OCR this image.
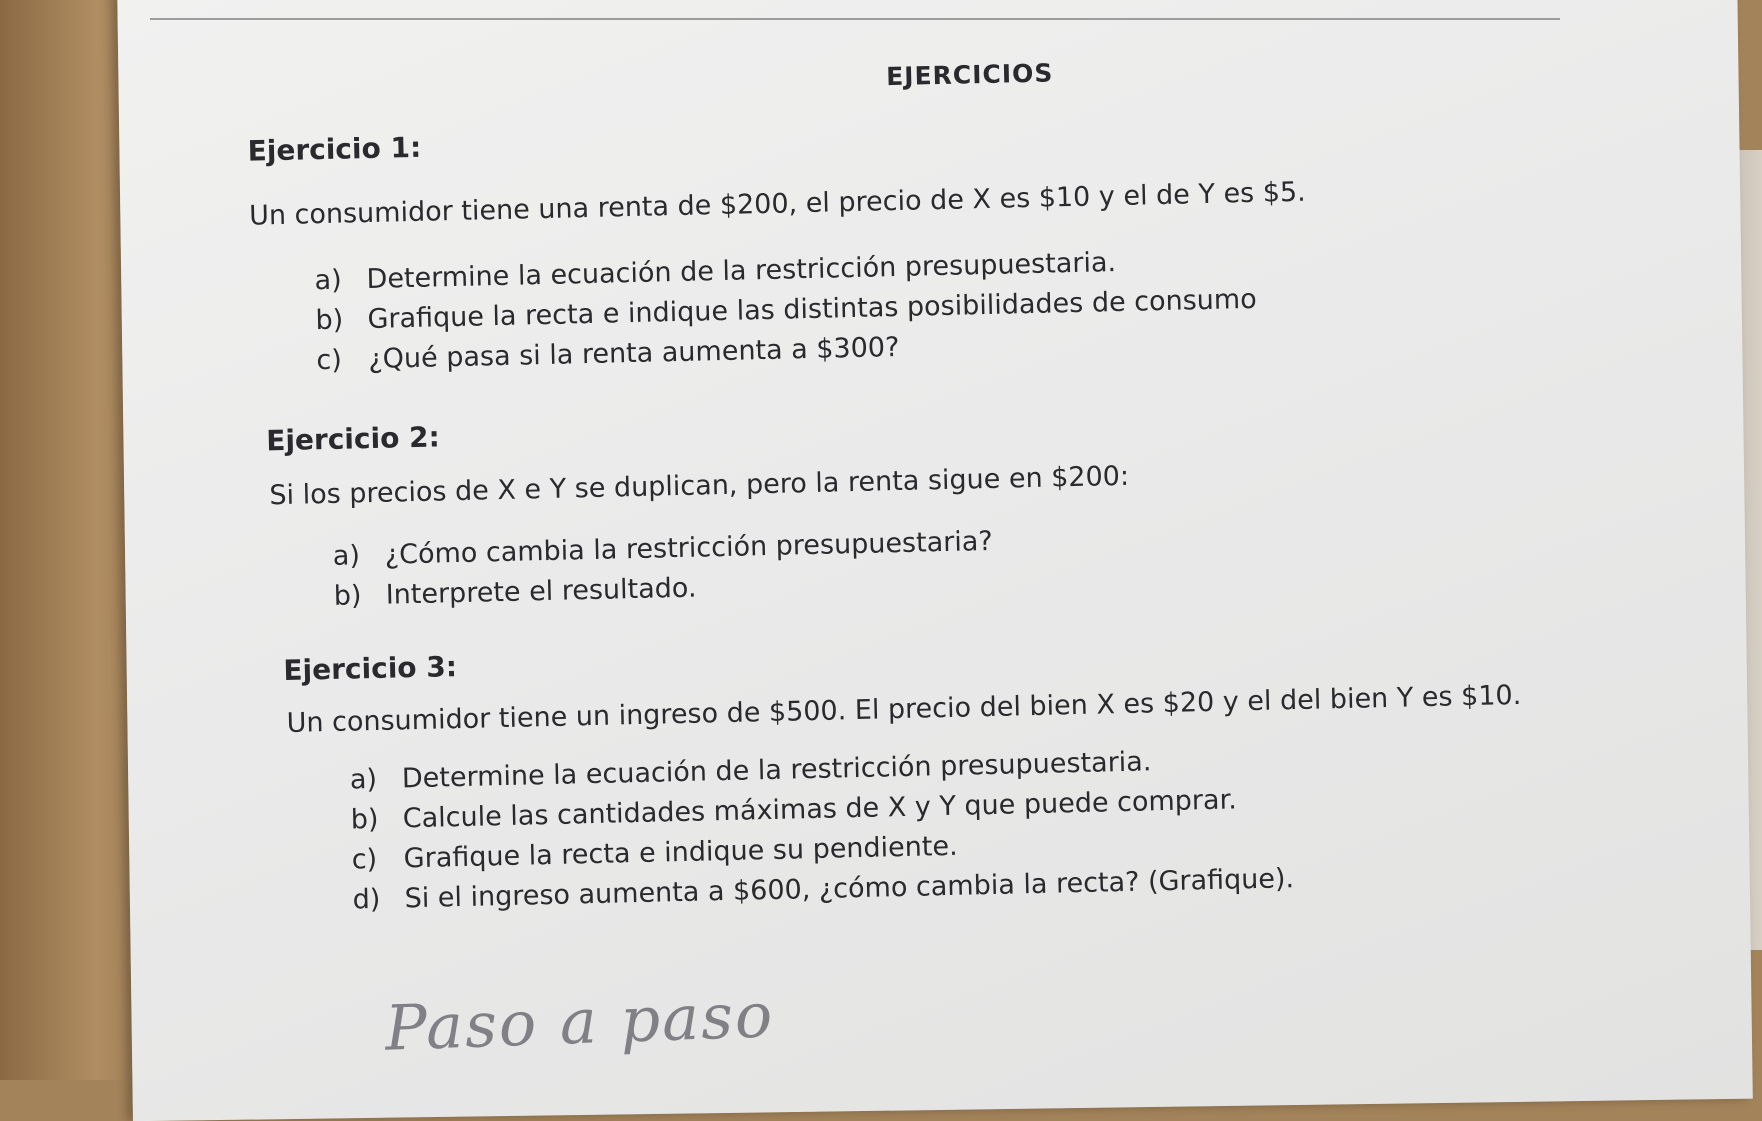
EJERCICIOS
Ejercicio 1:
Un consumidor tiene una renta de $200, el precio de X es $10 y el de Y es $5.
a) Determine la ecuación de la restricción presupuestaria.
b) Grafique la recta e indique las distintas posibilidades de consumo
c) ¿Qué pasa si la renta aumenta a $300?
Ejercicio 2:
Si los precios de X e Y se duplican, pero la renta sigue en $200:
a) ¿Cómo cambia la restricción presupuestaria?
b) Interprete el resultado.
Ejercicio 3:
Un consumidor tiene un ingreso de $500. El precio del bien X es $20 y el del bien Y es $10.
a) Determine la ecuación de la restricción presupuestaria.
b) Calcule las cantidades máximas de X y Y que puede comprar.
c) Grafique la recta e indique su pendiente.
d) Si el ingreso aumenta a $600, ¿cómo cambia la recta? (Grafique).
Paso a paso
